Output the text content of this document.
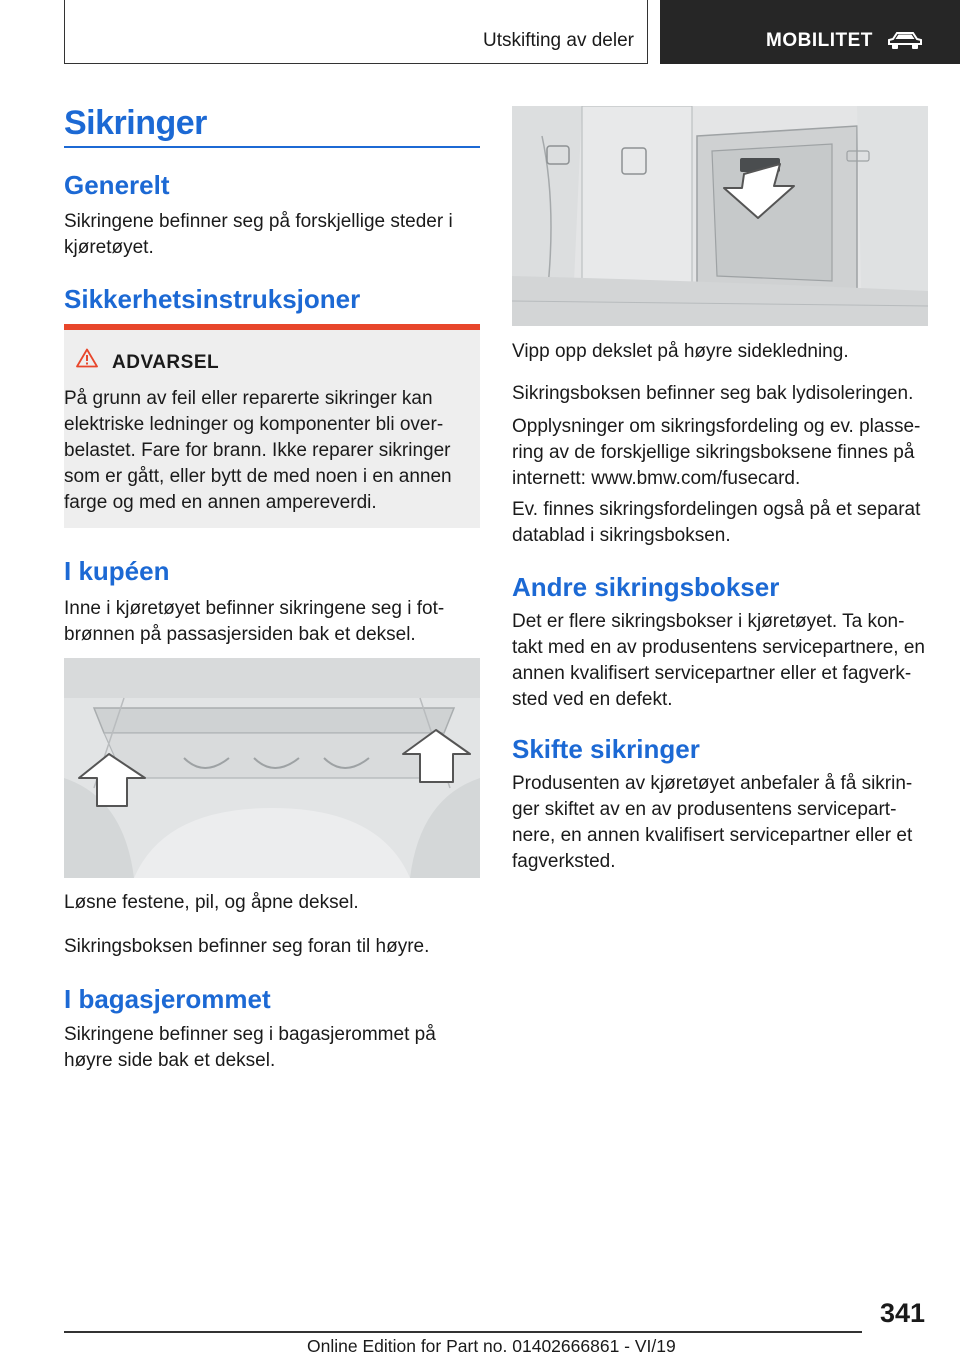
Utskifting av deler	MOBILITET
Sikringer
Generelt
Sikringene befinner seg på forskjellige steder i
kjøretøyet.
Sikkerhetsinstruksjoner
ADVARSEL
På grunn av feil eller reparerte sikringer kan
elektriske ledninger og komponenter bli over-
belastet. Fare for brann. Ikke reparer sikringer
som er gått, eller bytt de med noen i en annen
farge og med en annen ampereverdi.
I kupéen
Inne i kjøretøyet befinner sikringene seg i fot-
brønnen på passasjersiden bak et deksel.
Løsne festene, pil, og åpne deksel.
Sikringsboksen befinner seg foran til høyre.
I bagasjerommet
Sikringene befinner seg i bagasjerommet på
høyre side bak et deksel.
Vipp opp dekslet på høyre sidekledning.
Sikringsboksen befinner seg bak lydisoleringen.
Opplysninger om sikringsfordeling og ev. plasse-
ring av de forskjellige sikringsboksene finnes på
internett: www.bmw.com/fusecard.
Ev. finnes sikringsfordelingen også på et separat
datablad i sikringsboksen.
Andre sikringsbokser
Det er flere sikringsbokser i kjøretøyet. Ta kon-
takt med en av produsentens servicepartnere, en
annen kvalifisert servicepartner eller et fagverk-
sted ved en defekt.
Skifte sikringer
Produsenten av kjøretøyet anbefaler å få sikrin-
ger skiftet av en av produsentens servicepart-
nere, en annen kvalifisert servicepartner eller et
fagverksted.
341
Online Edition for Part no. 01402666861 - VI/19
